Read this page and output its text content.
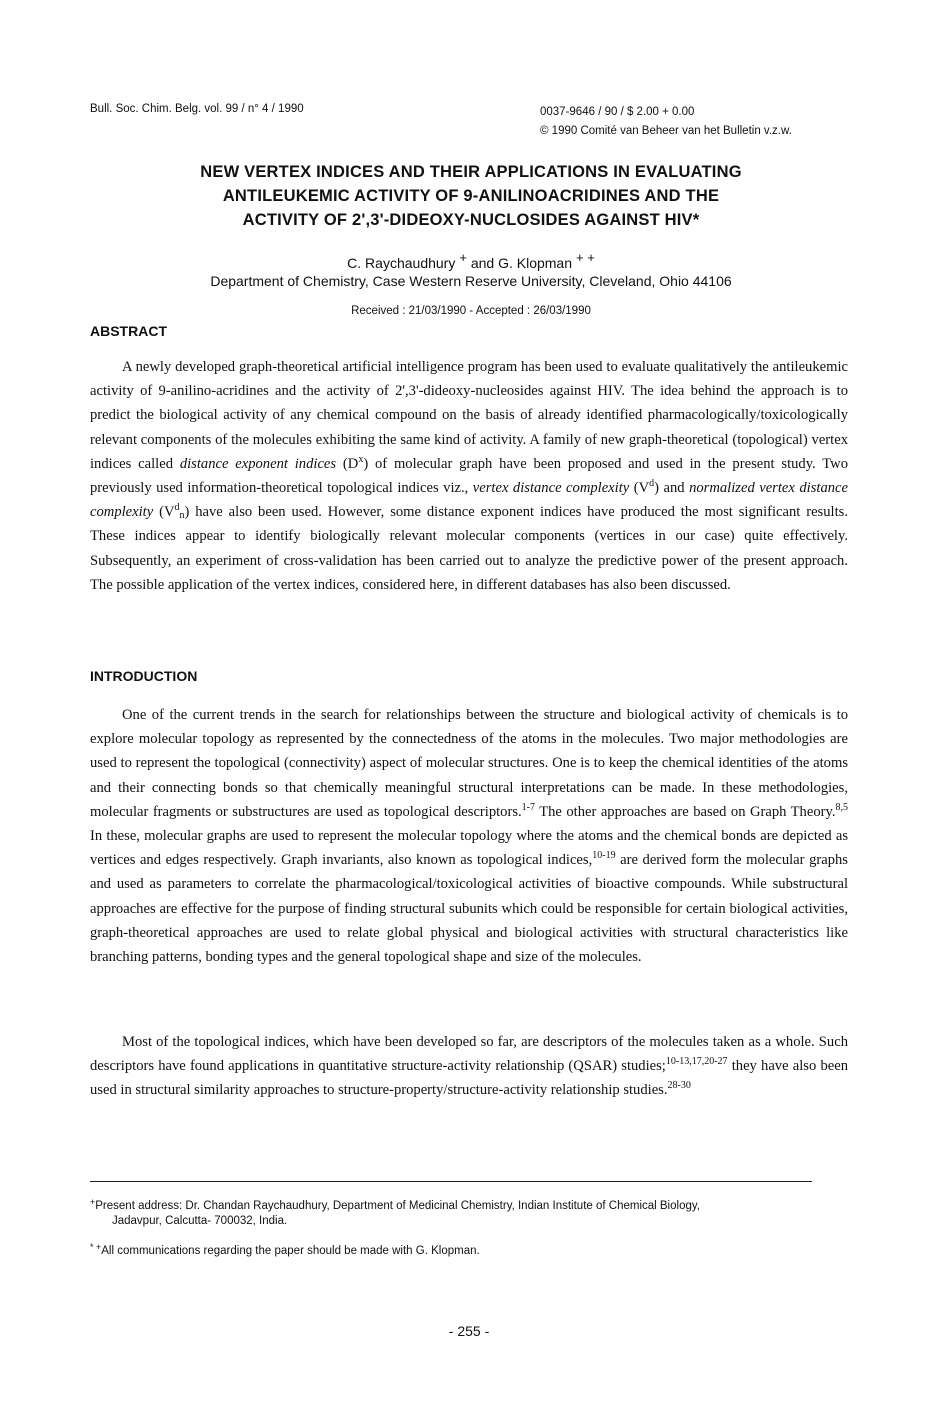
Bull. Soc. Chim. Belg. vol. 99 / n° 4 / 1990	0037-9646 / 90 / $ 2.00 + 0.00
© 1990 Comité van Beheer van het Bulletin v.z.w.
NEW VERTEX INDICES AND THEIR APPLICATIONS IN EVALUATING
ANTILEUKEMIC ACTIVITY OF 9-ANILINOACRIDINES AND THE
ACTIVITY OF 2',3'-DIDEOXY-NUCLOSIDES AGAINST HIV*
C. Raychaudhury + and G. Klopman + +
Department of Chemistry, Case Western Reserve University, Cleveland, Ohio 44106
Received : 21/03/1990 - Accepted : 26/03/1990
ABSTRACT

A newly developed graph-theoretical artificial intelligence program has been used to evaluate qualitatively the antileukemic activity of 9-anilino-acridines and the activity of 2',3'-dideoxy-nucleosides against HIV. The idea behind the approach is to predict the biological activity of any chemical compound on the basis of already identified pharmacologically/toxicologically relevant components of the molecules exhibiting the same kind of activity. A family of new graph-theoretical (topological) vertex indices called distance exponent indices $(D^x)$ of molecular graph have been proposed and used in the present study. Two previously used information-theoretical topological indices viz., vertex distance complexity $(V^d)$ and normalized vertex distance complexity $(V^d_n)$ have also been used. However, some distance exponent indices have produced the most significant results. These indices appear to identify biologically relevant molecular components (vertices in our case) quite effectively. Subsequently, an experiment of cross-validation has been carried out to analyze the predictive power of the present approach. The possible application of the vertex indices, considered here, in different databases has also been discussed.

INTRODUCTION

One of the current trends in the search for relationships between the structure and biological activity of chemicals is to explore molecular topology as represented by the connectedness of the atoms in the molecules. Two major methodologies are used to represent the topological (connectivity) aspect of molecular structures. One is to keep the chemical identities of the atoms and their connecting bonds so that chemically meaningful structural interpretations can be made. In these methodologies, molecular fragments or substructures are used as topological descriptors.$^{1-7}$ The other approaches are based on Graph Theory.$^{8,5}$ In these, molecular graphs are used to represent the molecular topology where the atoms and the chemical bonds are depicted as vertices and edges respectively. Graph invariants, also known as topological indices,$^{10-19}$ are derived form the molecular graphs and used as parameters to correlate the pharmacological/toxicological activities of bioactive compounds. While substructural approaches are effective for the purpose of finding structural subunits which could be responsible for certain biological activities, graph-theoretical approaches are used to relate global physical and biological activities with structural characteristics like branching patterns, bonding types and the general topological shape and size of the molecules.

Most of the topological indices, which have been developed so far, are descriptors of the molecules taken as a whole. Such descriptors have found applications in quantitative structure-activity relationship (QSAR) studies;$^{10-13,17,20-27}$ they have also been used in structural similarity approaches to structure-property/structure-activity relationship studies.$^{28-30}$

+Present address: Dr. Chandan Raychaudhury, Department of Medicinal Chemistry, Indian Institute of Chemical Biology,
Jadavpur, Calcutta- 700032, India.
* +All communications regarding the paper should be made with G. Klopman.
- 255 -
